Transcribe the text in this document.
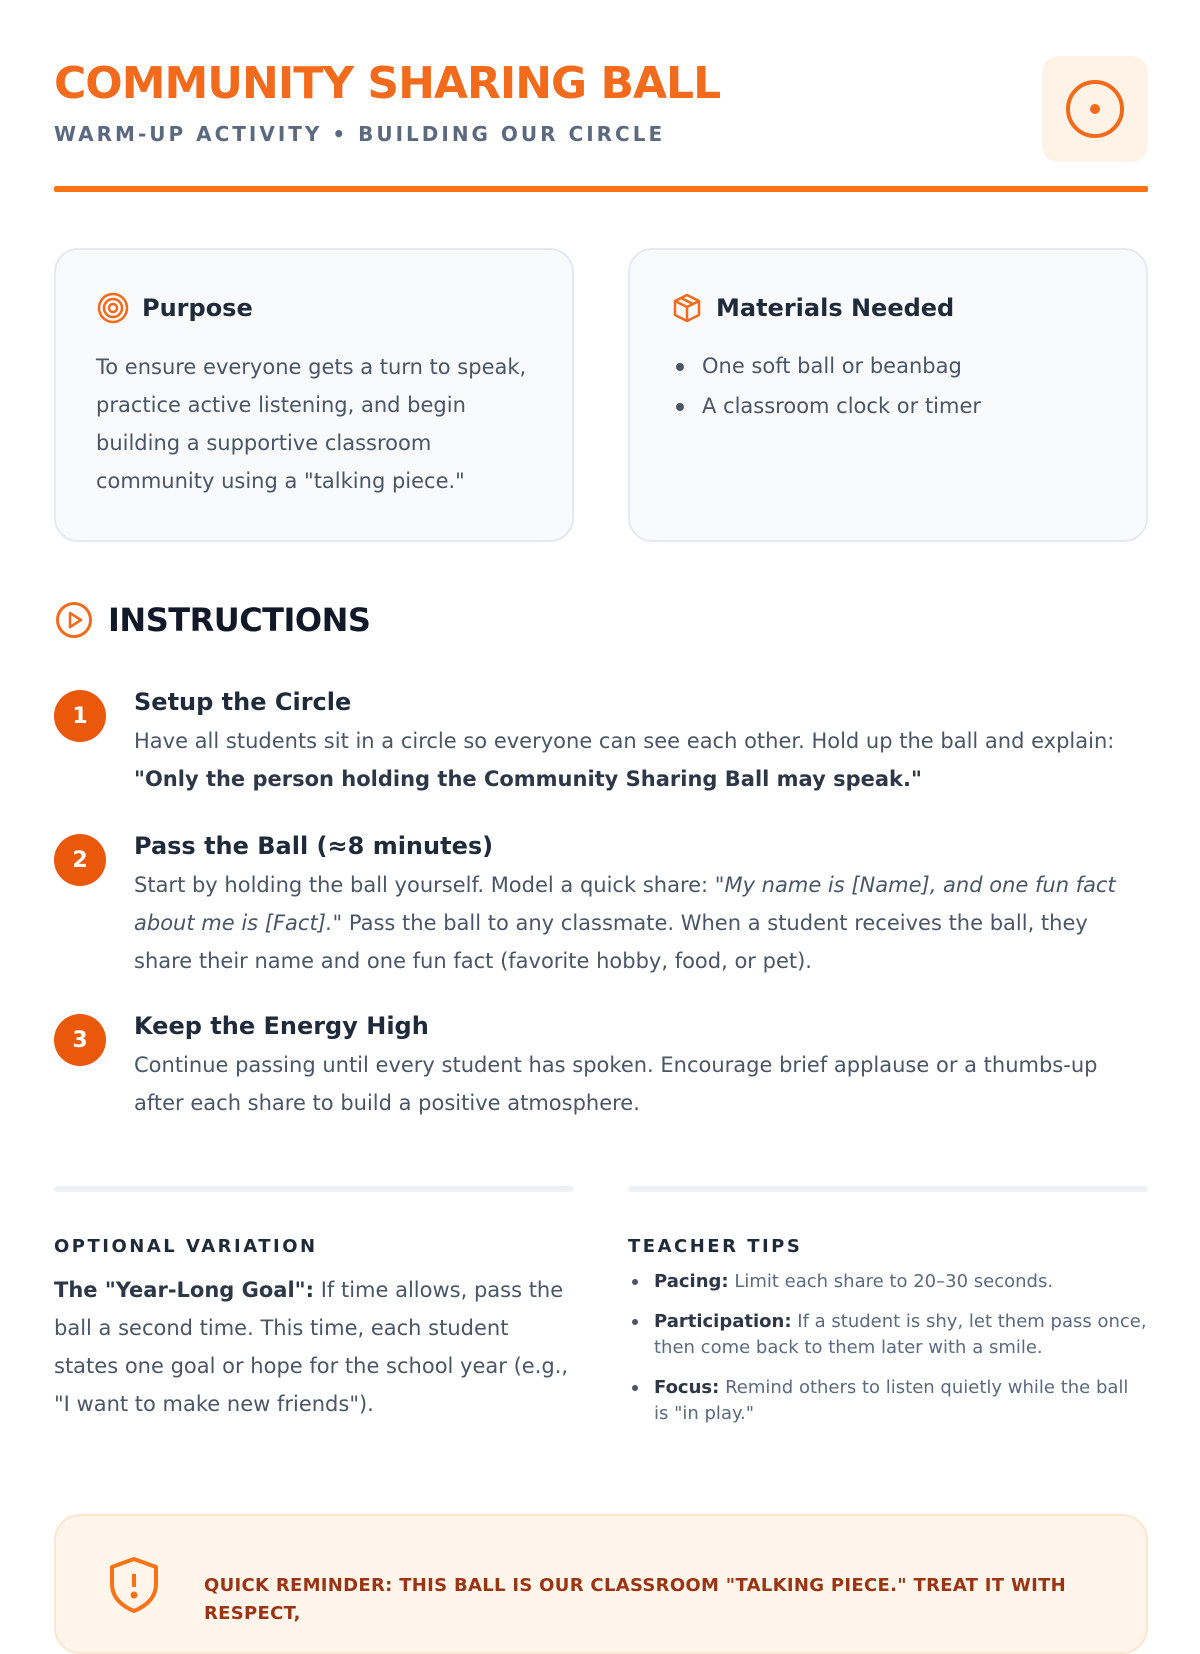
COMMUNITY SHARING BALL
WARM-UP ACTIVITY • BUILDING OUR CIRCLE
Purpose

To ensure everyone gets a turn to speak, practice active listening, and begin building a supportive classroom community using a "talking piece."

Materials Needed
One soft ball or beanbag
A classroom clock or timer
INSTRUCTIONS
1	Setup the Circle

Have all students sit in a circle so everyone can see each other. Hold up the ball and explain:
"Only the person holding the Community Sharing Ball may speak."

2	Pass the Ball (≈8 minutes)

Start by holding the ball yourself. Model a quick share: "My name is [Name], and one fun fact about me is [Fact]." Pass the ball to any classmate. When a student receives the ball, they share their name and one fun fact (favorite hobby, food, or pet).

3	Keep the Energy High

Continue passing until every student has spoken. Encourage brief applause or a thumbs-up after each share to build a positive atmosphere.

OPTIONAL VARIATION

The "Year-Long Goal": If time allows, pass the ball a second time. This time, each student states one goal or hope for the school year (e.g., "I want to make new friends").

TEACHER TIPS
Pacing: Limit each share to 20–30 seconds.
Participation: If a student is shy, let them pass once, then come back to them later with a smile.
Focus: Remind others to listen quietly while the ball is "in play."
QUICK REMINDER: THIS BALL IS OUR CLASSROOM "TALKING PIECE." TREAT IT WITH RESPECT,
